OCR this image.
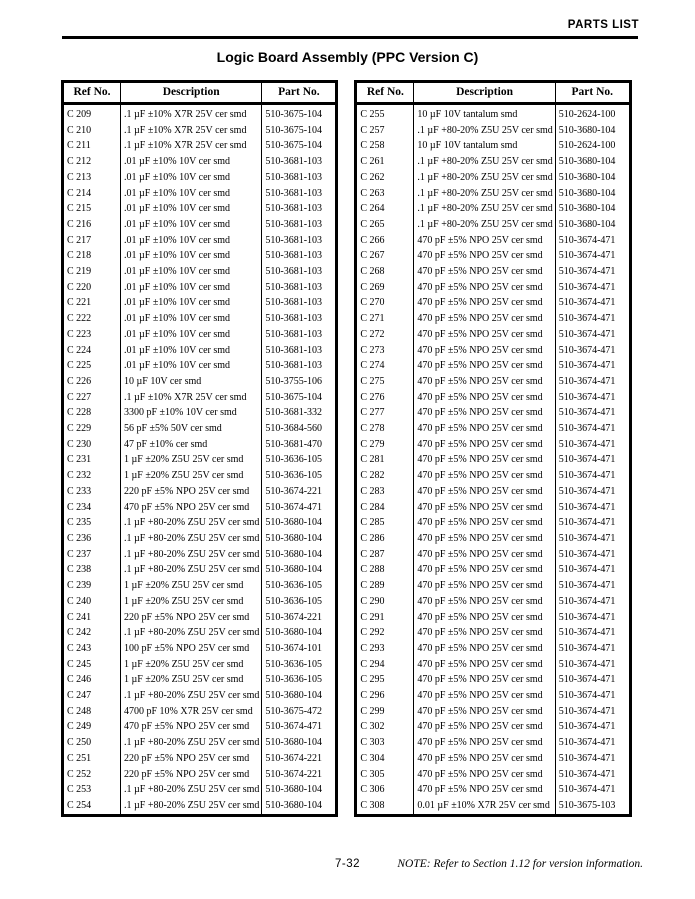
PARTS LIST
Logic Board Assembly (PPC Version C)
Ref No.	Description	Part No.
C 209	.1 µF ±10% X7R 25V cer smd	510-3675-104
C 210	.1 µF ±10% X7R 25V cer smd	510-3675-104
C 211	.1 µF ±10% X7R 25V cer smd	510-3675-104
C 212	.01 µF ±10% 10V cer smd	510-3681-103
C 213	.01 µF ±10% 10V cer smd	510-3681-103
C 214	.01 µF ±10% 10V cer smd	510-3681-103
C 215	.01 µF ±10% 10V cer smd	510-3681-103
C 216	.01 µF ±10% 10V cer smd	510-3681-103
C 217	.01 µF ±10% 10V cer smd	510-3681-103
C 218	.01 µF ±10% 10V cer smd	510-3681-103
C 219	.01 µF ±10% 10V cer smd	510-3681-103
C 220	.01 µF ±10% 10V cer smd	510-3681-103
C 221	.01 µF ±10% 10V cer smd	510-3681-103
C 222	.01 µF ±10% 10V cer smd	510-3681-103
C 223	.01 µF ±10% 10V cer smd	510-3681-103
C 224	.01 µF ±10% 10V cer smd	510-3681-103
C 225	.01 µF ±10% 10V cer smd	510-3681-103
C 226	10 µF 10V cer smd	510-3755-106
C 227	.1 µF ±10% X7R 25V cer smd	510-3675-104
C 228	3300 pF ±10% 10V cer smd	510-3681-332
C 229	56 pF ±5% 50V cer smd	510-3684-560
C 230	47 pF ±10% cer smd	510-3681-470
C 231	1 µF ±20% Z5U 25V cer smd	510-3636-105
C 232	1 µF ±20% Z5U 25V cer smd	510-3636-105
C 233	220 pF ±5% NPO 25V cer smd	510-3674-221
C 234	470 pF ±5% NPO 25V cer smd	510-3674-471
C 235	.1 µF +80-20% Z5U 25V cer smd	510-3680-104
C 236	.1 µF +80-20% Z5U 25V cer smd	510-3680-104
C 237	.1 µF +80-20% Z5U 25V cer smd	510-3680-104
C 238	.1 µF +80-20% Z5U 25V cer smd	510-3680-104
C 239	1 µF ±20% Z5U 25V cer smd	510-3636-105
C 240	1 µF ±20% Z5U 25V cer smd	510-3636-105
C 241	220 pF ±5% NPO 25V cer smd	510-3674-221
C 242	.1 µF +80-20% Z5U 25V cer smd	510-3680-104
C 243	100 pF ±5% NPO 25V cer smd	510-3674-101
C 245	1 µF ±20% Z5U 25V cer smd	510-3636-105
C 246	1 µF ±20% Z5U 25V cer smd	510-3636-105
C 247	.1 µF +80-20% Z5U 25V cer smd	510-3680-104
C 248	4700 pF 10% X7R 25V cer smd	510-3675-472
C 249	470 pF ±5% NPO 25V cer smd	510-3674-471
C 250	.1 µF +80-20% Z5U 25V cer smd	510-3680-104
C 251	220 pF ±5% NPO 25V cer smd	510-3674-221
C 252	220 pF ±5% NPO 25V cer smd	510-3674-221
C 253	.1 µF +80-20% Z5U 25V cer smd	510-3680-104
C 254	.1 µF +80-20% Z5U 25V cer smd	510-3680-104
Ref No.	Description	Part No.
C 255	10 µF 10V tantalum smd	510-2624-100
C 257	.1 µF +80-20% Z5U 25V cer smd	510-3680-104
C 258	10 µF 10V tantalum smd	510-2624-100
C 261	.1 µF +80-20% Z5U 25V cer smd	510-3680-104
C 262	.1 µF +80-20% Z5U 25V cer smd	510-3680-104
C 263	.1 µF +80-20% Z5U 25V cer smd	510-3680-104
C 264	.1 µF +80-20% Z5U 25V cer smd	510-3680-104
C 265	.1 µF +80-20% Z5U 25V cer smd	510-3680-104
C 266	470 pF ±5% NPO 25V cer smd	510-3674-471
C 267	470 pF ±5% NPO 25V cer smd	510-3674-471
C 268	470 pF ±5% NPO 25V cer smd	510-3674-471
C 269	470 pF ±5% NPO 25V cer smd	510-3674-471
C 270	470 pF ±5% NPO 25V cer smd	510-3674-471
C 271	470 pF ±5% NPO 25V cer smd	510-3674-471
C 272	470 pF ±5% NPO 25V cer smd	510-3674-471
C 273	470 pF ±5% NPO 25V cer smd	510-3674-471
C 274	470 pF ±5% NPO 25V cer smd	510-3674-471
C 275	470 pF ±5% NPO 25V cer smd	510-3674-471
C 276	470 pF ±5% NPO 25V cer smd	510-3674-471
C 277	470 pF ±5% NPO 25V cer smd	510-3674-471
C 278	470 pF ±5% NPO 25V cer smd	510-3674-471
C 279	470 pF ±5% NPO 25V cer smd	510-3674-471
C 281	470 pF ±5% NPO 25V cer smd	510-3674-471
C 282	470 pF ±5% NPO 25V cer smd	510-3674-471
C 283	470 pF ±5% NPO 25V cer smd	510-3674-471
C 284	470 pF ±5% NPO 25V cer smd	510-3674-471
C 285	470 pF ±5% NPO 25V cer smd	510-3674-471
C 286	470 pF ±5% NPO 25V cer smd	510-3674-471
C 287	470 pF ±5% NPO 25V cer smd	510-3674-471
C 288	470 pF ±5% NPO 25V cer smd	510-3674-471
C 289	470 pF ±5% NPO 25V cer smd	510-3674-471
C 290	470 pF ±5% NPO 25V cer smd	510-3674-471
C 291	470 pF ±5% NPO 25V cer smd	510-3674-471
C 292	470 pF ±5% NPO 25V cer smd	510-3674-471
C 293	470 pF ±5% NPO 25V cer smd	510-3674-471
C 294	470 pF ±5% NPO 25V cer smd	510-3674-471
C 295	470 pF ±5% NPO 25V cer smd	510-3674-471
C 296	470 pF ±5% NPO 25V cer smd	510-3674-471
C 299	470 pF ±5% NPO 25V cer smd	510-3674-471
C 302	470 pF ±5% NPO 25V cer smd	510-3674-471
C 303	470 pF ±5% NPO 25V cer smd	510-3674-471
C 304	470 pF ±5% NPO 25V cer smd	510-3674-471
C 305	470 pF ±5% NPO 25V cer smd	510-3674-471
C 306	470 pF ±5% NPO 25V cer smd	510-3674-471
C 308	0.01 µF ±10% X7R 25V cer smd	510-3675-103
7-32	NOTE: Refer to Section 1.12 for version information.
